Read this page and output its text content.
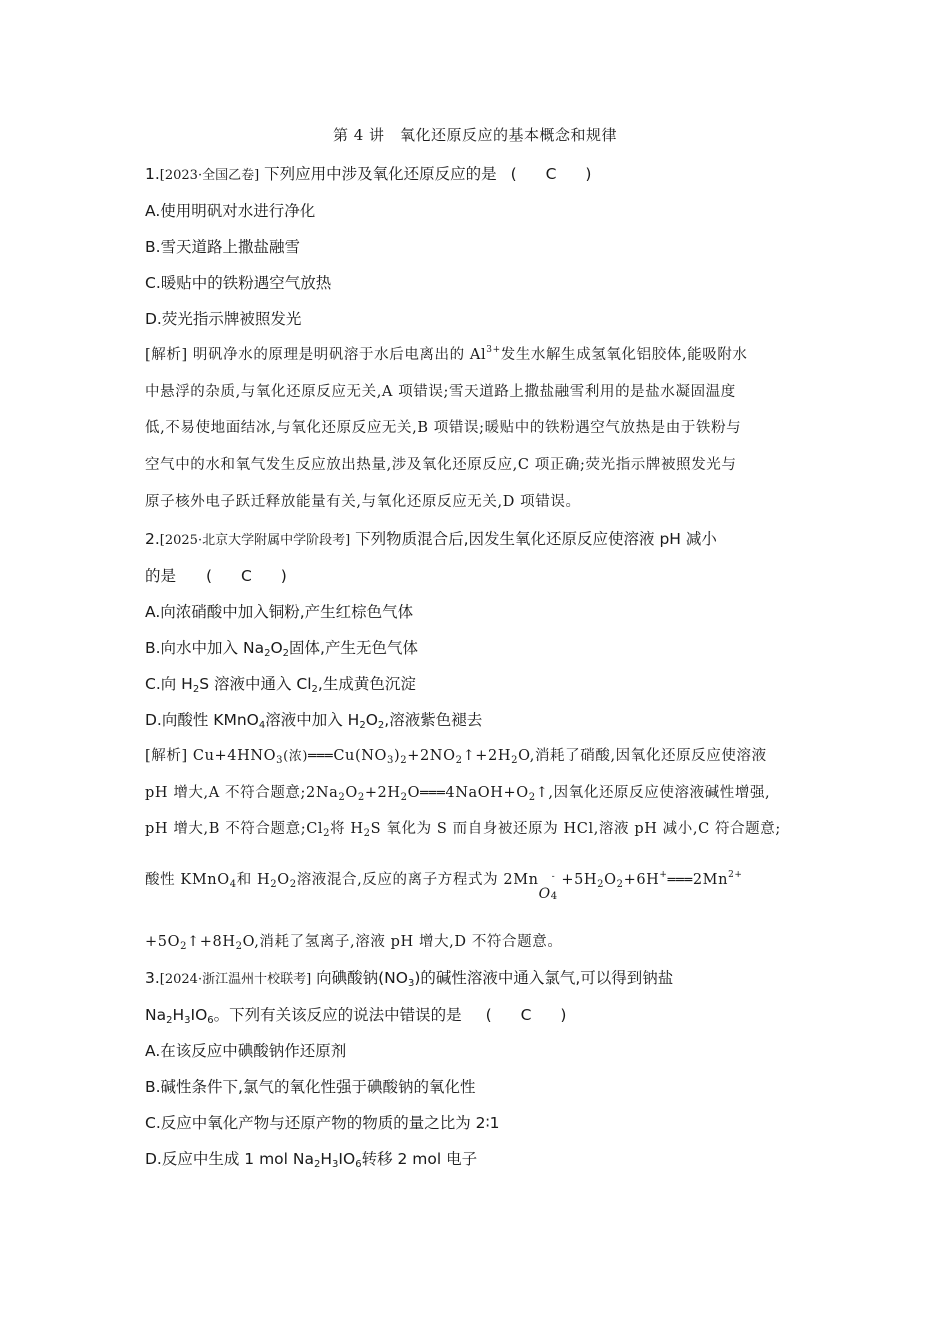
第 4 讲　氧化还原反应的基本概念和规律
1.[2023·全国乙卷] 下列应用中涉及氧化还原反应的是 ( C )
A.使用明矾对水进行净化
B.雪天道路上撒盐融雪
C.暖贴中的铁粉遇空气放热
D.荧光指示牌被照发光
[解析] 明矾净水的原理是明矾溶于水后电离出的 $Al^{3+}$发生水解生成氢氧化铝胶体,能吸附水
中悬浮的杂质,与氧化还原反应无关,A 项错误;雪天道路上撒盐融雪利用的是盐水凝固温度
低,不易使地面结冰,与氧化还原反应无关,B 项错误;暖贴中的铁粉遇空气放热是由于铁粉与
空气中的水和氧气发生反应放出热量,涉及氧化还原反应,C 项正确;荧光指示牌被照发光与
原子核外电子跃迁释放能量有关,与氧化还原反应无关,D 项错误。
2.[2025·北京大学附属中学阶段考] 下列物质混合后,因发生氧化还原反应使溶液 pH 减小
的是 ( C )
A.向浓硝酸中加入铜粉,产生红棕色气体
B.向水中加入 $Na_2O_2$固体,产生无色气体
C.向 $H_2S$ 溶液中通入 $Cl_2$,生成黄色沉淀
D.向酸性 KMnO$_4$溶液中加入 $H_2O_2$,溶液紫色褪去
[解析] $Cu+4HNO_3$(浓)$═══Cu(NO_3)_2+2NO_2↑+2H_2O$,消耗了硝酸,因氧化还原反应使溶液
pH 增大,A 不符合题意$;2Na_2O_2+2H_2O═══4NaOH+O_2↑$,因氧化还原反应使溶液碱性增强,
pH 增大,B 不符合题意$;Cl_2$将 $H_2S$ 氧化为 S 而自身被还原为 HCl,溶液 pH 减小,C 符合题意;
酸性 KMnO$_4$和 $H_2O_2$溶液混合,反应的离子方程式为 $2MnO_4^- +5H_2O_2+6H^+═══2Mn^{2+}$
$+5O_2↑+8H_2O$,消耗了氢离子,溶液 pH 增大,D 不符合题意。
3.[2024·浙江温州十校联考] 向碘酸钠$(NO_3)$的碱性溶液中通入氯气,可以得到钠盐
$Na_2H_3IO_6$。下列有关该反应的说法中错误的是 ( C )
A.在该反应中碘酸钠作还原剂
B.碱性条件下,氯气的氧化性强于碘酸钠的氧化性
C.反应中氧化产物与还原产物的物质的量之比为 2∶1
D.反应中生成 1 mol $Na_2H_3IO_6$转移 2 mol 电子
